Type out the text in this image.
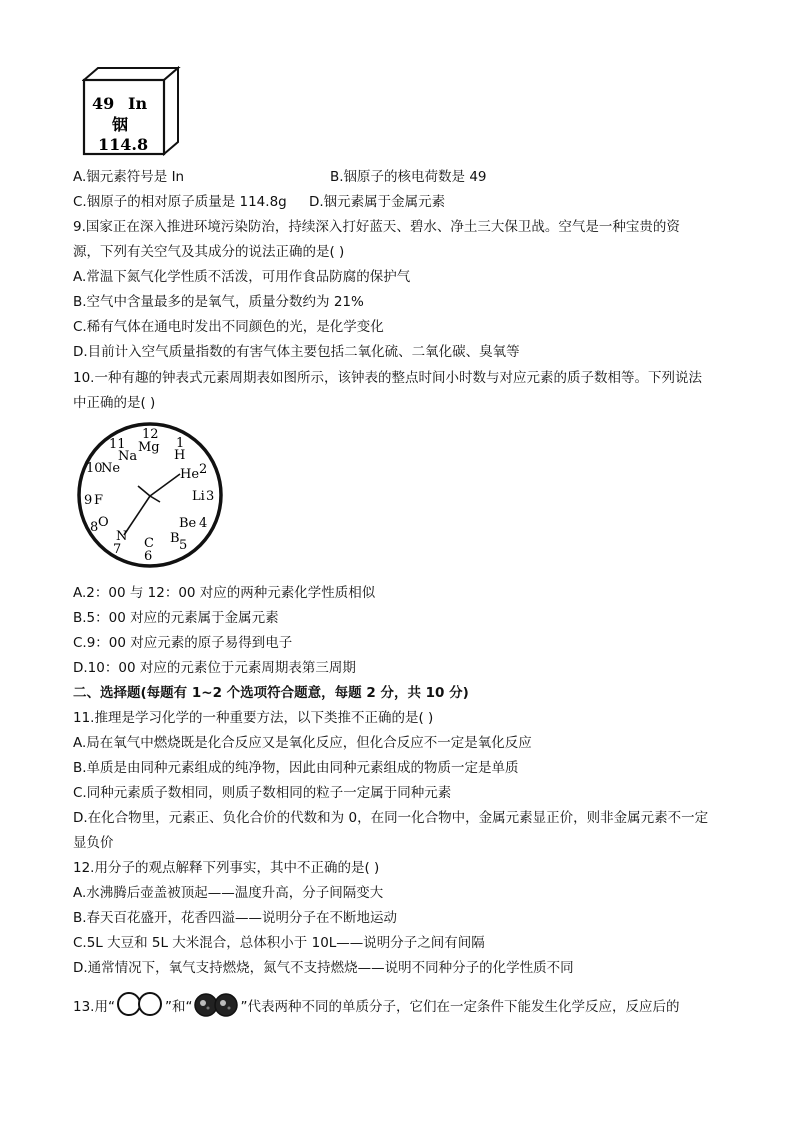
49 In
铟
114.8
A.铟元素符号是 In	B.铟原子的核电荷数是 49
C.铟原子的相对原子质量是 114.8g D.铟元素属于金属元素
9.国家正在深入推进环境污染防治，持续深入打好蓝天、碧水、净土三大保卫战。空气是一种宝贵的资
源，下列有关空气及其成分的说法正确的是( )
A.常温下氮气化学性质不活泼，可用作食品防腐的保护气
B.空气中含量最多的是氧气，质量分数约为 21%
C.稀有气体在通电时发出不同颜色的光，是化学变化
D.目前计入空气质量指数的有害气体主要包括二氧化硫、二氧化碳、臭氧等
10.一种有趣的钟表式元素周期表如图所示，该钟表的整点时间小时数与对应元素的质子数相等。下列说法
中正确的是( )
12
Mg 1
H
He 2
Li 3
Be 4
B 5
C
6
N
7
8 O
9 F
10
Ne
11
Na
A.2：00 与 12：00 对应的两种元素化学性质相似
B.5：00 对应的元素属于金属元素
C.9：00 对应元素的原子易得到电子
D.10：00 对应的元素位于元素周期表第三周期
二、选择题(每题有 1~2 个选项符合题意，每题 2 分，共 10 分)
11.推理是学习化学的一种重要方法，以下类推不正确的是( )
A.局在氧气中燃烧既是化合反应又是氧化反应，但化合反应不一定是氧化反应
B.单质是由同种元素组成的纯净物，因此由同种元素组成的物质一定是单质
C.同种元素质子数相同，则质子数相同的粒子一定属于同种元素
D.在化合物里，元素正、负化合价的代数和为 0，在同一化合物中，金属元素显正价，则非金属元素不一定
显负价
12.用分子的观点解释下列事实，其中不正确的是( )
A.水沸腾后壶盖被顶起——温度升高，分子间隔变大
B.春天百花盛开，花香四溢——说明分子在不断地运动
C.5L 大豆和 5L 大米混合，总体积小于 10L——说明分子之间有间隔
D.通常情况下，氧气支持燃烧，氮气不支持燃烧——说明不同种分子的化学性质不同
13.用“	”和“	”代表两种不同的单质分子，它们在一定条件下能发生化学反应，反应后的
